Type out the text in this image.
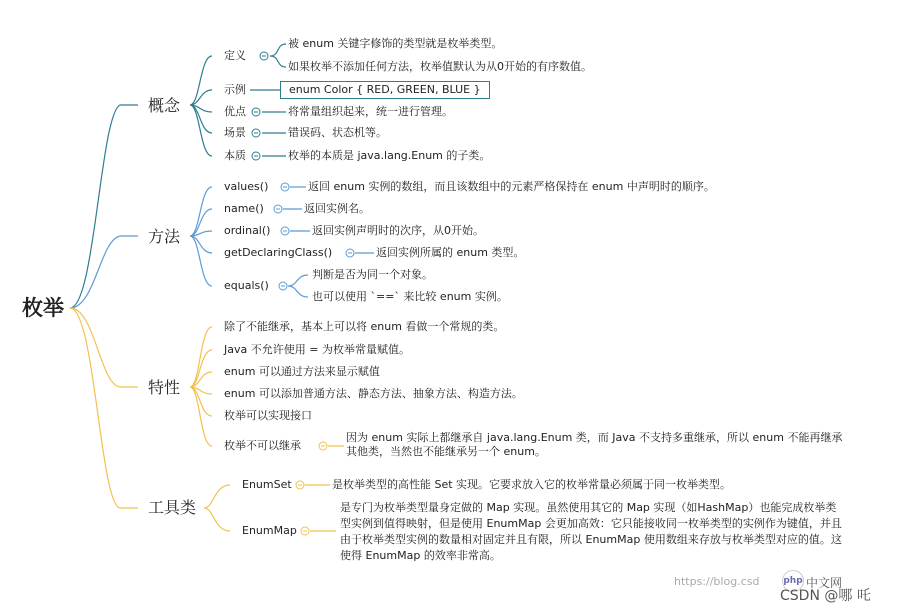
枚举
概念
方法
特性
工具类
定义
被 enum 关键字修饰的类型就是枚举类型。
如果枚举不添加任何方法，枚举值默认为从0开始的有序数值。
示例	enum Color { RED, GREEN, BLUE }
优点	将常量组织起来，统一进行管理。
场景	错误码、状态机等。
本质	枚举的本质是 java.lang.Enum 的子类。
values()	返回 enum 实例的数组，而且该数组中的元素严格保持在 enum 中声明时的顺序。
name()	返回实例名。
ordinal()	返回实例声明时的次序，从0开始。
getDeclaringClass()	返回实例所属的 enum 类型。
equals()
判断是否为同一个对象。
也可以使用 `==` 来比较 enum 实例。
除了不能继承，基本上可以将 enum 看做一个常规的类。
Java 不允许使用 = 为枚举常量赋值。
enum 可以通过方法来显示赋值
enum 可以添加普通方法、静态方法、抽象方法、构造方法。
枚举可以实现接口
枚举不可以继承
因为 enum 实际上都继承自 java.lang.Enum 类，而 Java 不支持多重继承，所以 enum 不能再继承其他类，当然也不能继承另一个 enum。
EnumSet	是枚举类型的高性能 Set 实现。它要求放入它的枚举常量必须属于同一枚举类型。
EnumMap
是专门为枚举类型量身定做的 Map 实现。虽然使用其它的 Map 实现（如HashMap）也能完成枚举类型实例到值得映射，但是使用 EnumMap 会更加高效：它只能接收同一枚举类型的实例作为键值，并且由于枚举类型实例的数量相对固定并且有限，所以 EnumMap 使用数组来存放与枚举类型对应的值。这使得 EnumMap 的效率非常高。
https://blog.csd	php 中文网
CSDN @哪 吒
